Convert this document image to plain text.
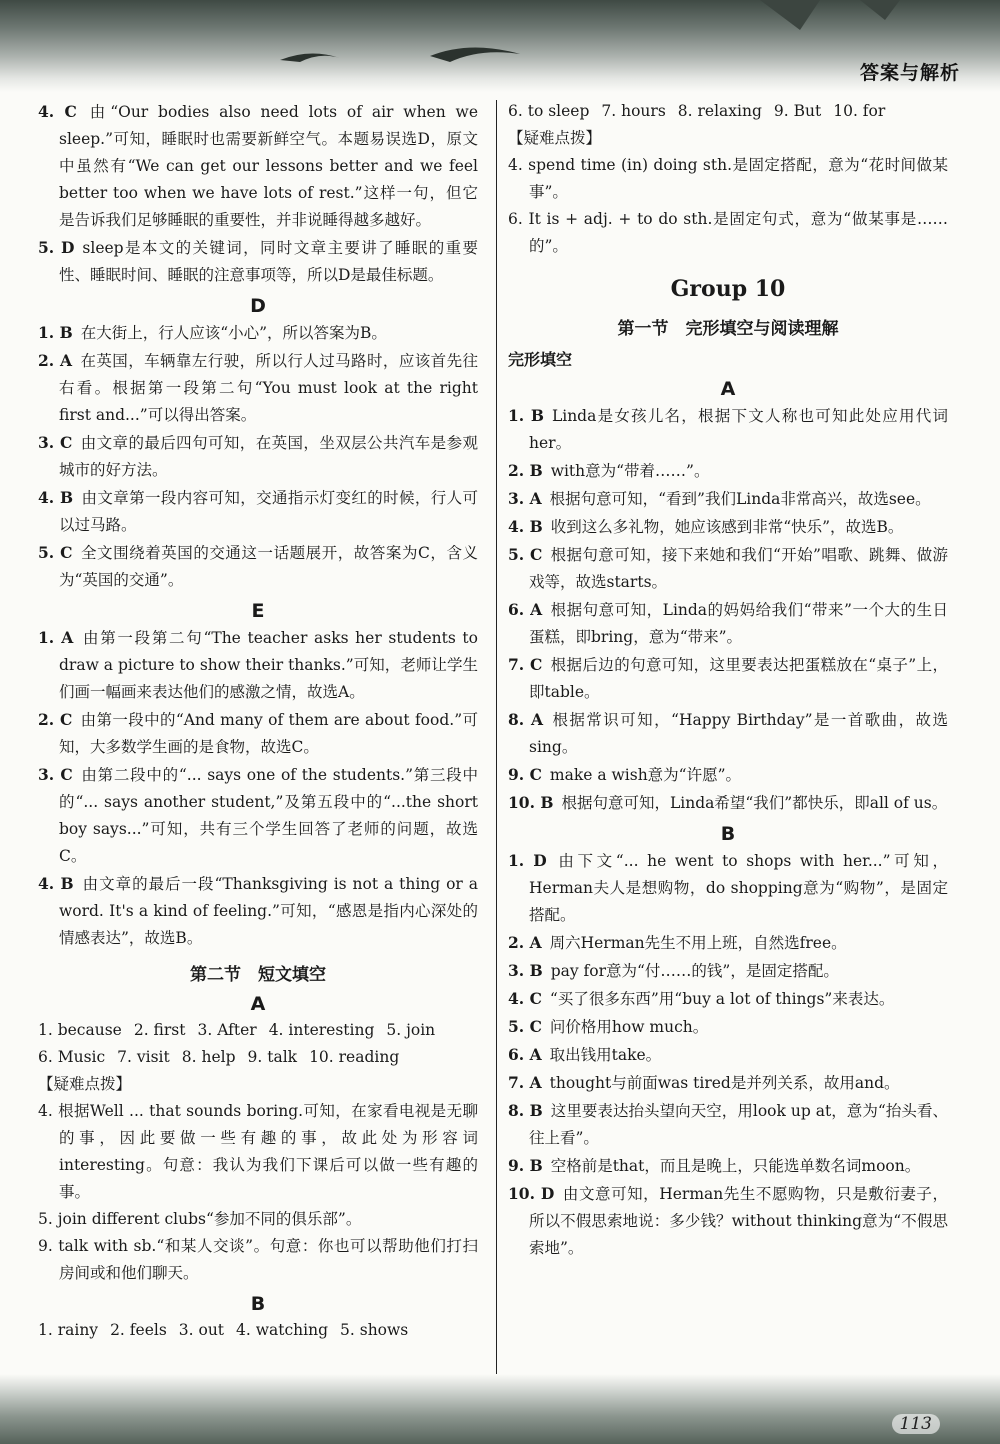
答案与解析

4. C 由“Our bodies also need lots of air when we sleep.”可知，睡眠时也需要新鲜空气。本题易误选D，原文中虽然有“We can get our lessons better and we feel better too when we have lots of rest.”这样一句，但它是告诉我们足够睡眠的重要性，并非说睡得越多越好。

5. D sleep是本文的关键词，同时文章主要讲了睡眠的重要性、睡眠时间、睡眠的注意事项等，所以D是最佳标题。

D

1. B 在大街上，行人应该“小心”，所以答案为B。

2. A 在英国，车辆靠左行驶，所以行人过马路时，应该首先往右看。根据第一段第二句“You must look at the right first and...”可以得出答案。

3. C 由文章的最后四句可知，在英国，坐双层公共汽车是参观城市的好方法。

4. B 由文章第一段内容可知，交通指示灯变红的时候，行人可以过马路。

5. C 全文围绕着英国的交通这一话题展开，故答案为C，含义为“英国的交通”。

E

1. A 由第一段第二句“The teacher asks her students to draw a picture to show their thanks.”可知，老师让学生们画一幅画来表达他们的感激之情，故选A。

2. C 由第一段中的“And many of them are about food.”可知，大多数学生画的是食物，故选C。

3. C 由第二段中的“... says one of the students.”第三段中的“... says another student,”及第五段中的“...the short boy says...”可知，共有三个学生回答了老师的问题，故选C。

4. B 由文章的最后一段“Thanksgiving is not a thing or a word. It's a kind of feeling.”可知，“感恩是指内心深处的情感表达”，故选B。

第二节　短文填空
A

1. because 2. first 3. After 4. interesting 5. join

6. Music 7. visit 8. help 9. talk 10. reading

【疑难点拨】

4. 根据Well ... that sounds boring.可知，在家看电视是无聊的事，因此要做一些有趣的事，故此处为形容词interesting。句意：我认为我们下课后可以做一些有趣的事。

5. join different clubs“参加不同的俱乐部”。

9. talk with sb.“和某人交谈”。句意：你也可以帮助他们打扫房间或和他们聊天。

B

1. rainy 2. feels 3. out 4. watching 5. shows

6. to sleep 7. hours 8. relaxing 9. But 10. for

【疑难点拨】

4. spend time (in) doing sth.是固定搭配，意为“花时间做某事”。

6. It is + adj. + to do sth.是固定句式，意为“做某事是……的”。

Group 10
第一节　完形填空与阅读理解
完形填空
A

1. B Linda是女孩儿名，根据下文人称也可知此处应用代词her。

2. B with意为“带着……”。

3. A 根据句意可知，“看到”我们Linda非常高兴，故选see。

4. B 收到这么多礼物，她应该感到非常“快乐”，故选B。

5. C 根据句意可知，接下来她和我们“开始”唱歌、跳舞、做游戏等，故选starts。

6. A 根据句意可知，Linda的妈妈给我们“带来”一个大的生日蛋糕，即bring，意为“带来”。

7. C 根据后边的句意可知，这里要表达把蛋糕放在“桌子”上，即table。

8. A 根据常识可知，“Happy Birthday”是一首歌曲，故选sing。

9. C make a wish意为“许愿”。

10. B 根据句意可知，Linda希望“我们”都快乐，即all of us。

B

1. D 由下文“... he went to shops with her...”可知，Herman夫人是想购物，do shopping意为“购物”，是固定搭配。

2. A 周六Herman先生不用上班，自然选free。

3. B pay for意为“付……的钱”，是固定搭配。

4. C “买了很多东西”用“buy a lot of things”来表达。

5. C 问价格用how much。

6. A 取出钱用take。

7. A thought与前面was tired是并列关系，故用and。

8. B 这里要表达抬头望向天空，用look up at，意为“抬头看、往上看”。

9. B 空格前是that，而且是晚上，只能选单数名词moon。

10. D 由文意可知，Herman先生不愿购物，只是敷衍妻子，所以不假思索地说：多少钱？without thinking意为“不假思索地”。

113
